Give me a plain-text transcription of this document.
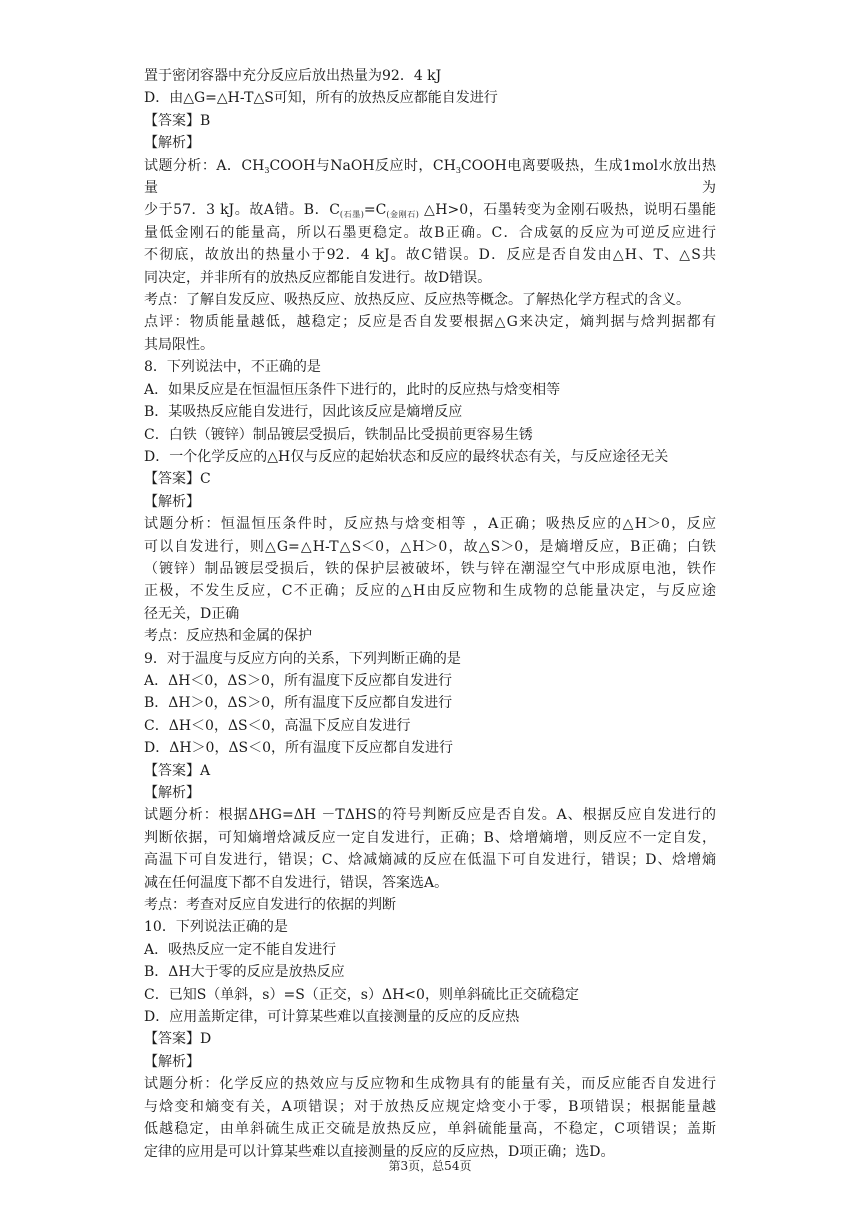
置于密闭容器中充分反应后放出热量为92．4 kJ

D．由△G=△H-T△S可知，所有的放热反应都能自发进行

【答案】B

【解析】

试题分析：A．$CH_3COOH$与NaOH反应时，$CH_3COOH$电离要吸热，生成1mol水放出热量为

少于57．3 kJ。故A错。B．$C_{(石墨)}=C_{(金刚石)}$ △H>0，石墨转变为金刚石吸热，说明石墨能

量低金刚石的能量高，所以石墨更稳定。故B正确。C．合成氨的反应为可逆反应进行

不彻底，故放出的热量小于92．4 kJ。故C错误。D．反应是否自发由△H、T、△S共

同决定，并非所有的放热反应都能自发进行。故D错误。

考点：了解自发反应、吸热反应、放热反应、反应热等概念。了解热化学方程式的含义。

点评：物质能量越低，越稳定；反应是否自发要根据△G来决定，熵判据与焓判据都有

其局限性。

8．下列说法中，不正确的是

A．如果反应是在恒温恒压条件下进行的，此时的反应热与焓变相等

B．某吸热反应能自发进行，因此该反应是熵增反应

C．白铁（镀锌）制品镀层受损后，铁制品比受损前更容易生锈

D．一个化学反应的△H仅与反应的起始状态和反应的最终状态有关，与反应途径无关

【答案】C

【解析】

试题分析：恒温恒压条件时，反应热与焓变相等 ，A正确；吸热反应的△H＞0，反应

可以自发进行，则△G=△H-T△S＜0，△H＞0，故△S＞0，是熵增反应，B正确；白铁

（镀锌）制品镀层受损后，铁的保护层被破坏，铁与锌在潮湿空气中形成原电池，铁作

正极，不发生反应，C不正确；反应的△H由反应物和生成物的总能量决定，与反应途

径无关，D正确

考点：反应热和金属的保护

9．对于温度与反应方向的关系，下列判断正确的是

A．ΔH＜0，ΔS＞0，所有温度下反应都自发进行

B．ΔH＞0，ΔS＞0，所有温度下反应都自发进行

C．ΔH＜0，ΔS＜0，高温下反应自发进行

D．ΔH＞0，ΔS＜0，所有温度下反应都自发进行

【答案】A

【解析】

试题分析：根据ΔHG=ΔH －TΔHS的符号判断反应是否自发。A、根据反应自发进行的

判断依据，可知熵增焓减反应一定自发进行，正确；B、焓增熵增，则反应不一定自发，

高温下可自发进行，错误；C、焓减熵减的反应在低温下可自发进行，错误；D、焓增熵

减在任何温度下都不自发进行，错误，答案选A。

考点：考查对反应自发进行的依据的判断

10．下列说法正确的是

A．吸热反应一定不能自发进行

B．ΔH大于零的反应是放热反应

C．已知S（单斜，s）=S（正交，s）ΔH<0，则单斜硫比正交硫稳定

D．应用盖斯定律，可计算某些难以直接测量的反应的反应热

【答案】D

【解析】

试题分析：化学反应的热效应与反应物和生成物具有的能量有关，而反应能否自发进行

与焓变和熵变有关，A项错误；对于放热反应规定焓变小于零，B项错误；根据能量越

低越稳定，由单斜硫生成正交硫是放热反应，单斜硫能量高，不稳定，C项错误；盖斯

定律的应用是可以计算某些难以直接测量的反应的反应热，D项正确；选D。

第3页，总54页
